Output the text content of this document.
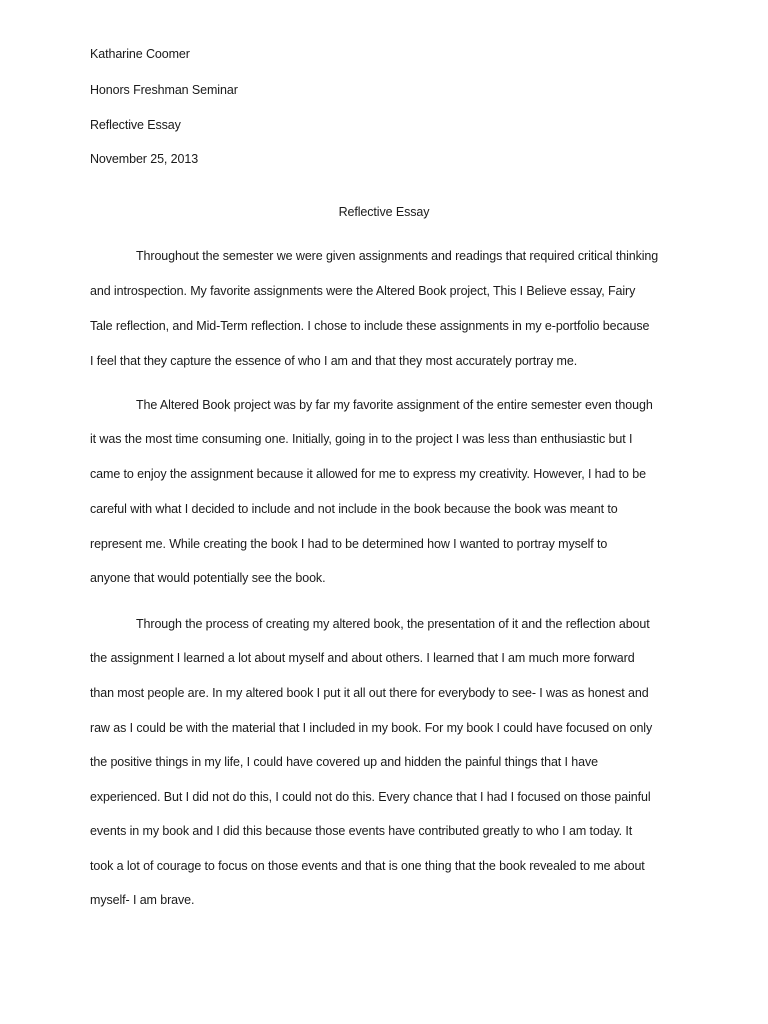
Katharine Coomer
Honors Freshman Seminar
Reflective Essay
November 25, 2013
Reflective Essay
Throughout the semester we were given assignments and readings that required critical thinking
and introspection. My favorite assignments were the Altered Book project, This I Believe essay, Fairy
Tale reflection, and Mid-Term reflection. I chose to include these assignments in my e-portfolio because
I feel that they capture the essence of who I am and that they most accurately portray me.
The Altered Book project was by far my favorite assignment of the entire semester even though
it was the most time consuming one. Initially, going in to the project I was less than enthusiastic but I
came to enjoy the assignment because it allowed for me to express my creativity. However, I had to be
careful with what I decided to include and not include in the book because the book was meant to
represent me. While creating the book I had to be determined how I wanted to portray myself to
anyone that would potentially see the book.
Through the process of creating my altered book, the presentation of it and the reflection about
the assignment I learned a lot about myself and about others. I learned that I am much more forward
than most people are. In my altered book I put it all out there for everybody to see- I was as honest and
raw as I could be with the material that I included in my book. For my book I could have focused on only
the positive things in my life, I could have covered up and hidden the painful things that I have
experienced. But I did not do this, I could not do this. Every chance that I had I focused on those painful
events in my book and I did this because those events have contributed greatly to who I am today. It
took a lot of courage to focus on those events and that is one thing that the book revealed to me about
myself- I am brave.
